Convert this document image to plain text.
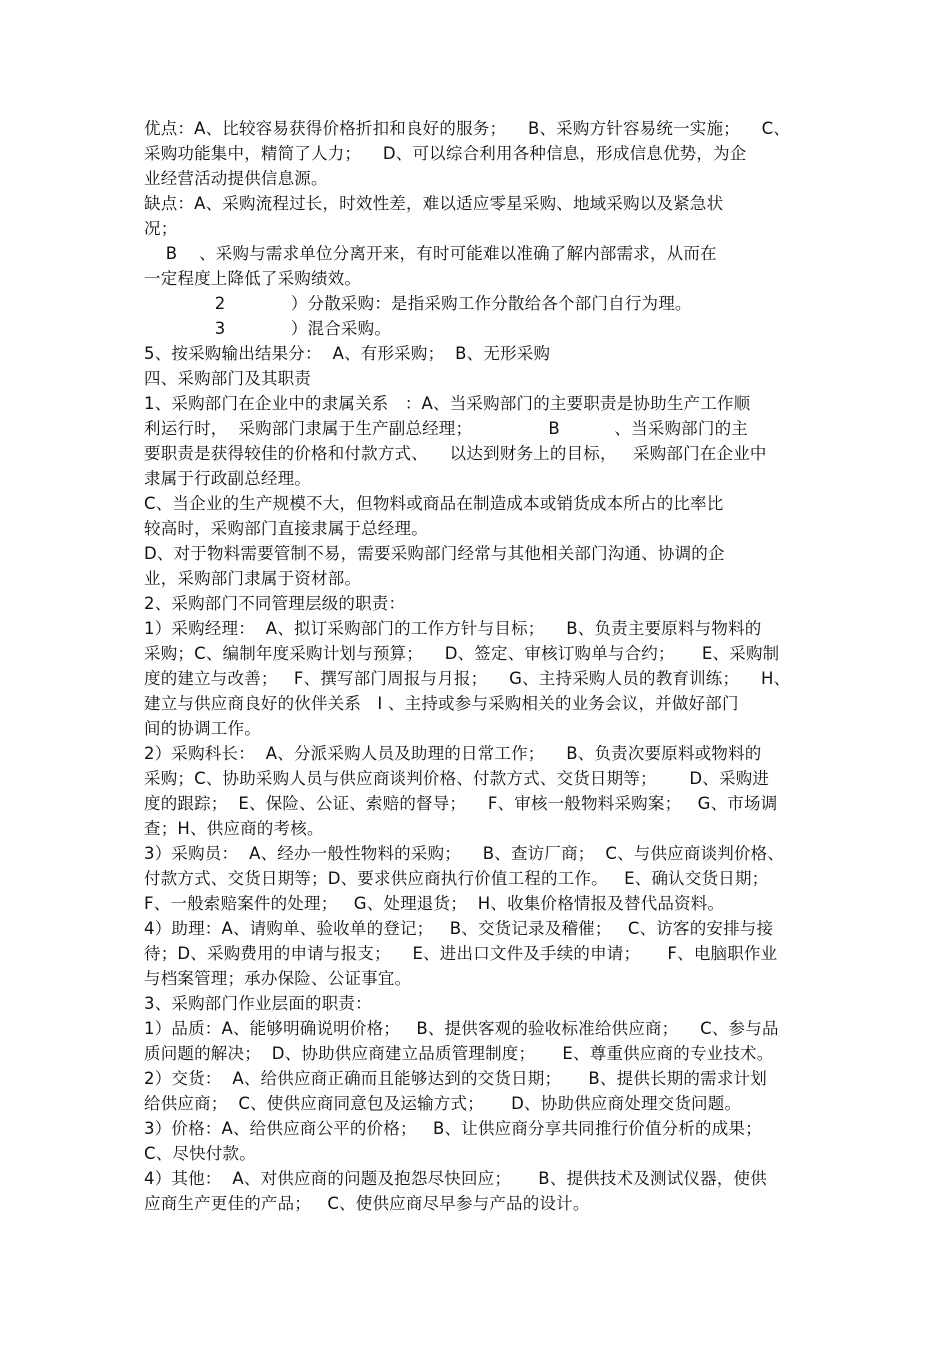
优点：A、比较容易获得价格折扣和良好的服务；    B、采购方针容易统一实施；    C、
采购功能集中，精简了人力；    D、可以综合利用各种信息，形成信息优势，为企
业经营活动提供信息源。
缺点：A、采购流程过长，时效性差，难以适应零星采购、地域采购以及紧急状
况；
B    、采购与需求单位分离开来，有时可能难以准确了解内部需求，从而在
一定程度上降低了采购绩效。
2            ）分散采购：是指采购工作分散给各个部门自行为理。
3            ）混合采购。
5、按采购输出结果分：  A、有形采购；  B、无形采购
四、采购部门及其职责
1、采购部门在企业中的隶属关系   ：A、当采购部门的主要职责是协助生产工作顺
利运行时，  采购部门隶属于生产副总经理；              B          、当采购部门的主
要职责是获得较佳的价格和付款方式、    以达到财务上的目标，   采购部门在企业中
隶属于行政副总经理。
C、当企业的生产规模不大，但物料或商品在制造成本或销货成本所占的比率比
较高时，采购部门直接隶属于总经理。
D、对于物料需要管制不易，需要采购部门经常与其他相关部门沟通、协调的企
业，采购部门隶属于资材部。
2、采购部门不同管理层级的职责：
1）采购经理：  A、拟订采购部门的工作方针与目标；    B、负责主要原料与物料的
采购；C、编制年度采购计划与预算；    D、签定、审核订购单与合约；     E、采购制
度的建立与改善；   F、撰写部门周报与月报；    G、主持采购人员的教育训练；    H、
建立与供应商良好的伙伴关系   I 、主持或参与采购相关的业务会议，并做好部门
间的协调工作。
2）采购科长：  A、分派采购人员及助理的日常工作；    B、负责次要原料或物料的
采购；C、协助采购人员与供应商谈判价格、付款方式、交货日期等；      D、采购进
度的跟踪；  E、保险、公证、索赔的督导；    F、审核一般物料采购案；   G、市场调
查；H、供应商的考核。
3）采购员：  A、经办一般性物料的采购；    B、查访厂商；  C、与供应商谈判价格、
付款方式、交货日期等；D、要求供应商执行价值工程的工作。   E、确认交货日期；
F、一般索赔案件的处理；   G、处理退货；  H、收集价格情报及替代品资料。
4）助理：A、请购单、验收单的登记；   B、交货记录及稽催；   C、访客的安排与接
待；D、采购费用的申请与报支；    E、进出口文件及手续的申请；     F、电脑职作业
与档案管理；承办保险、公证事宜。
3、采购部门作业层面的职责：
1）品质：A、能够明确说明价格；   B、提供客观的验收标准给供应商；    C、参与品
质问题的解决；  D、协助供应商建立品质管理制度；     E、尊重供应商的专业技术。
2）交货：  A、给供应商正确而且能够达到的交货日期；     B、提供长期的需求计划
给供应商；  C、使供应商同意包及运输方式；     D、协助供应商处理交货问题。
3）价格：A、给供应商公平的价格；   B、让供应商分享共同推行价值分析的成果；
C、尽快付款。
4）其他：  A、对供应商的问题及抱怨尽快回应；     B、提供技术及测试仪器，使供
应商生产更佳的产品；   C、使供应商尽早参与产品的设计。
